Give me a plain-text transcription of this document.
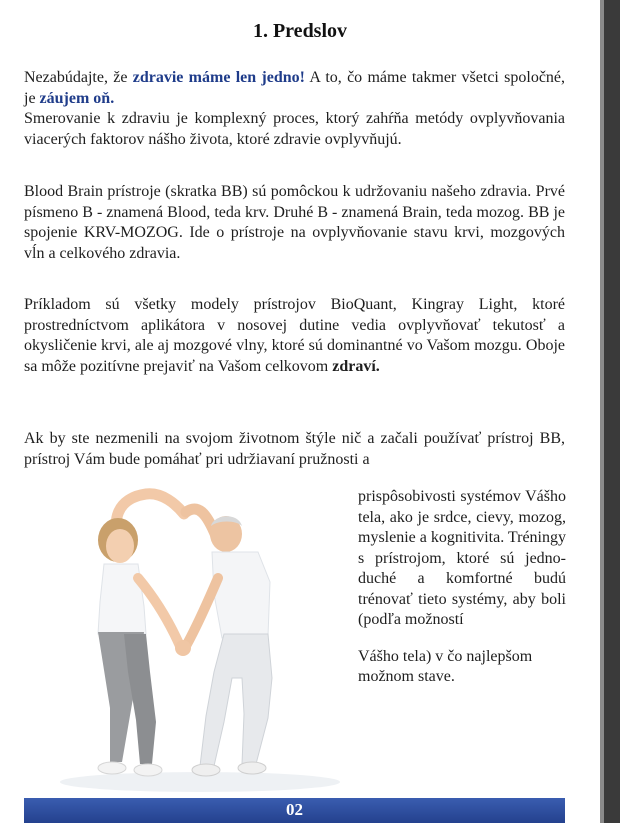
1. Predslov

Nezabúdajte, že zdravie máme len jedno! A to, čo máme takmer všetci spoločné, je záujem oň.

Smerovanie k zdraviu je komplexný proces, ktorý zahŕňa metódy ovplyvňovania viacerých faktorov nášho života, ktoré zdravie ovplyvňujú.

Blood Brain prístroje (skratka BB) sú pomôckou k udržovaniu našeho zdravia. Prvé písmeno B - znamená Blood, teda krv. Druhé B - znamená Brain, teda mozog. BB je spojenie KRV-MOZOG. Ide o prístroje na ovplyvňovanie stavu krvi, mozgových vĺn a celkového zdravia.

Príkladom sú všetky modely prístrojov BioQuant, Kingray Light, ktoré prostredníctvom aplikátora v nosovej dutine vedia ovplyvňovať tekutosť a okysličenie krvi, ale aj mozgové vlny, ktoré sú dominantné vo Vašom mozgu. Oboje sa môže pozitívne prejaviť na Vašom celkovom zdraví.

Ak by ste nezmenili na svojom životnom štýle nič a začali používať prístroj BB, prístroj Vám bude pomáhať pri udržiavaní pružnosti a

prispôsobivosti systémov Vášho tela, ako je srdce, cievy, mozog, myslenie a kognitivita. Tréningy s prístrojom, ktoré sú jedno-duché a komfortné budú trénovať tieto systémy, aby boli (podľa možností

Vášho tela) v čo najlepšom možnom stave.

02
